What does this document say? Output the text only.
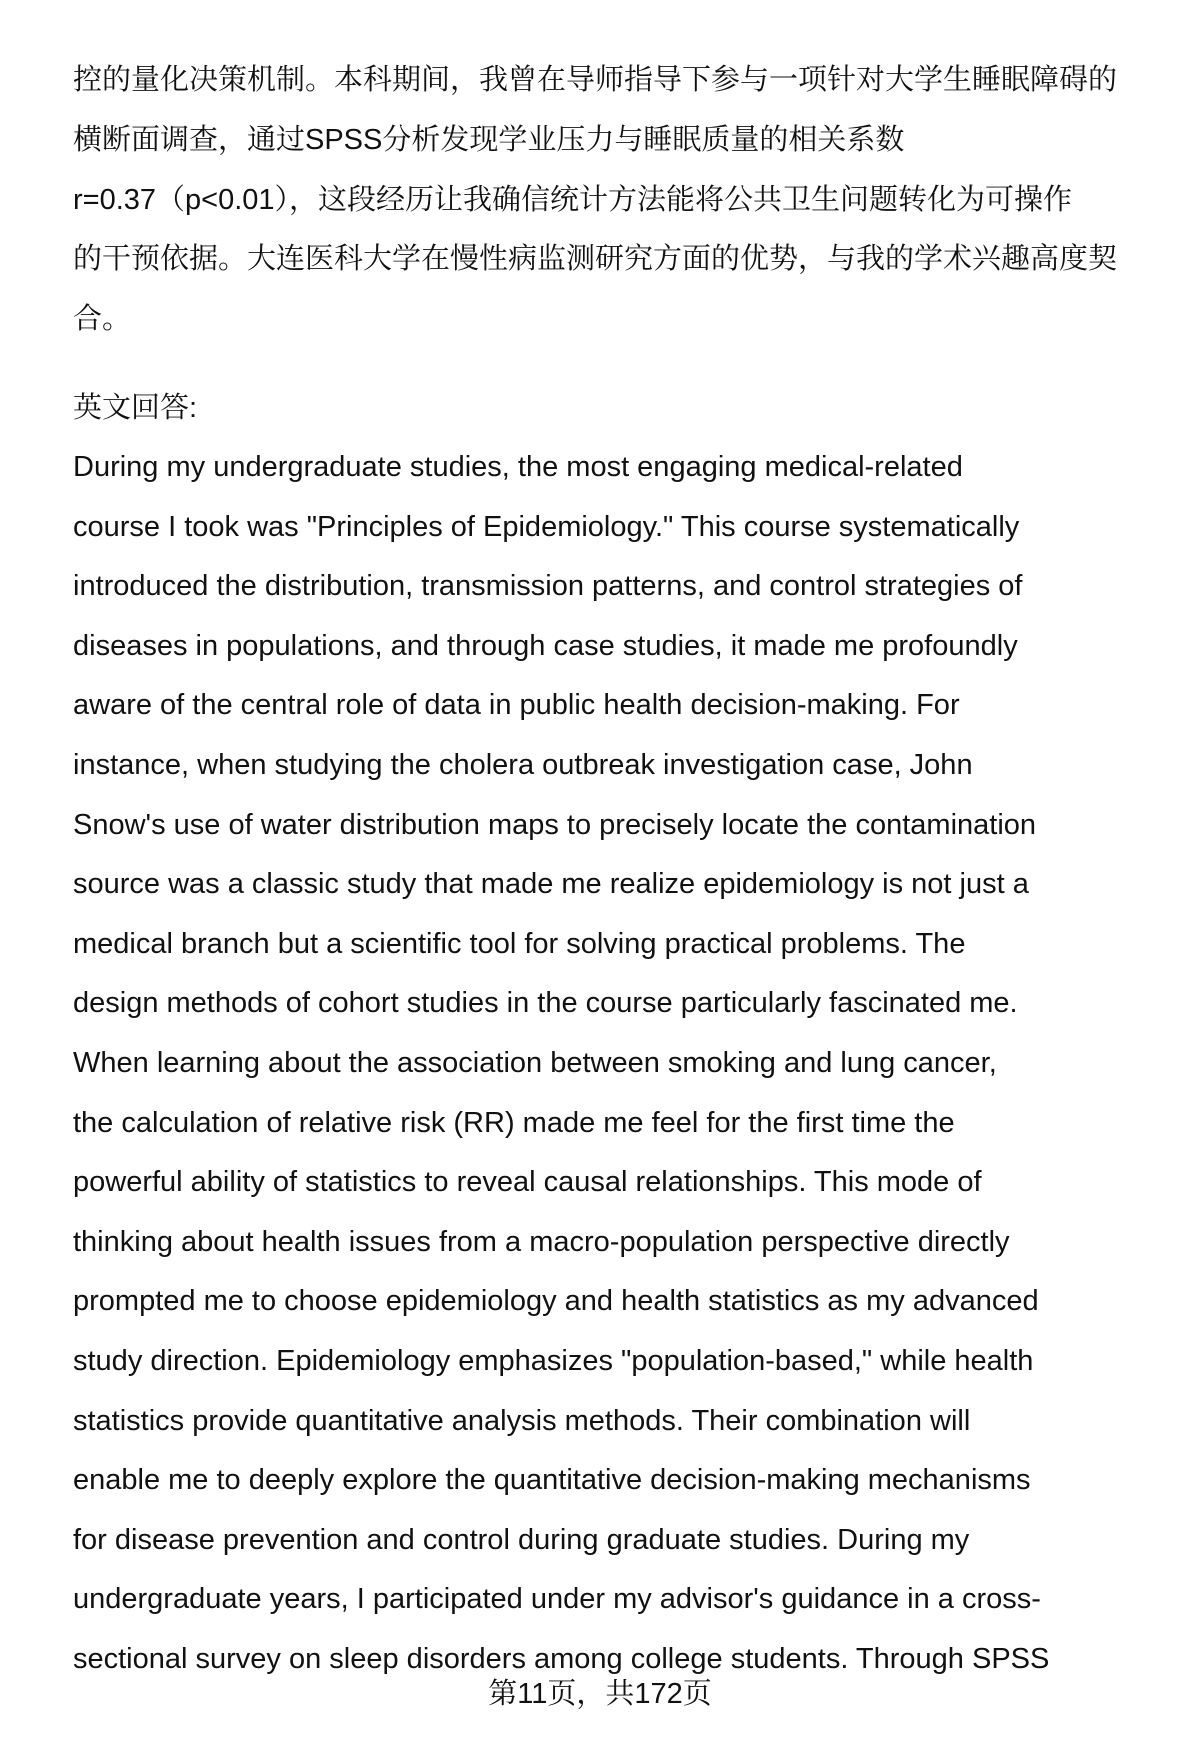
控的量化决策机制。本科期间，我曾在导师指导下参与一项针对大学生睡眠障碍的
横断面调查，通过SPSS分析发现学业压力与睡眠质量的相关系数
r=0.37（p<0.01），这段经历让我确信统计方法能将公共卫生问题转化为可操作
的干预依据。大连医科大学在慢性病监测研究方面的优势，与我的学术兴趣高度契
合。
英文回答:
During my undergraduate studies, the most engaging medical-related
course I took was "Principles of Epidemiology." This course systematically
introduced the distribution, transmission patterns, and control strategies of
diseases in populations, and through case studies, it made me profoundly
aware of the central role of data in public health decision-making. For
instance, when studying the cholera outbreak investigation case, John
Snow's use of water distribution maps to precisely locate the contamination
source was a classic study that made me realize epidemiology is not just a
medical branch but a scientific tool for solving practical problems. The
design methods of cohort studies in the course particularly fascinated me.
When learning about the association between smoking and lung cancer,
the calculation of relative risk (RR) made me feel for the first time the
powerful ability of statistics to reveal causal relationships. This mode of
thinking about health issues from a macro-population perspective directly
prompted me to choose epidemiology and health statistics as my advanced
study direction. Epidemiology emphasizes "population-based," while health
statistics provide quantitative analysis methods. Their combination will
enable me to deeply explore the quantitative decision-making mechanisms
for disease prevention and control during graduate studies. During my
undergraduate years, I participated under my advisor's guidance in a cross-
sectional survey on sleep disorders among college students. Through SPSS
第11页，共172页
